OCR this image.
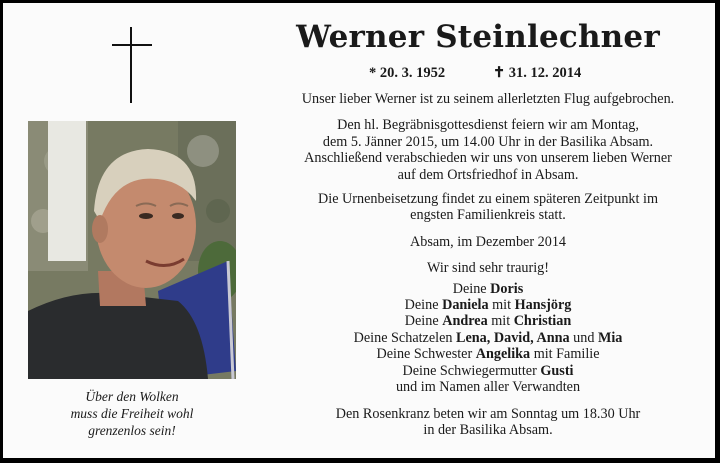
Über den Wolken
muss die Freiheit wohl
grenzenlos sein!
Werner Steinlechner
* 20. 3. 1952	✝ 31. 12. 2014

Unser lieber Werner ist zu seinem allerletzten Flug aufgebrochen.

Den hl. Begräbnisgottesdienst feiern wir am Montag,

dem 5. Jänner 2015, um 14.00 Uhr in der Basilika Absam.

Anschließend verabschieden wir uns von unserem lieben Werner

auf dem Ortsfriedhof in Absam.

Die Urnenbeisetzung findet zu einem späteren Zeitpunkt im

engsten Familienkreis statt.

Absam, im Dezember 2014

Wir sind sehr traurig!

Deine Doris

Deine Daniela mit Hansjörg

Deine Andrea mit Christian

Deine Schatzelen Lena, David, Anna und Mia

Deine Schwester Angelika mit Familie

Deine Schwiegermutter Gusti

und im Namen aller Verwandten

Den Rosenkranz beten wir am Sonntag um 18.30 Uhr

in der Basilika Absam.
